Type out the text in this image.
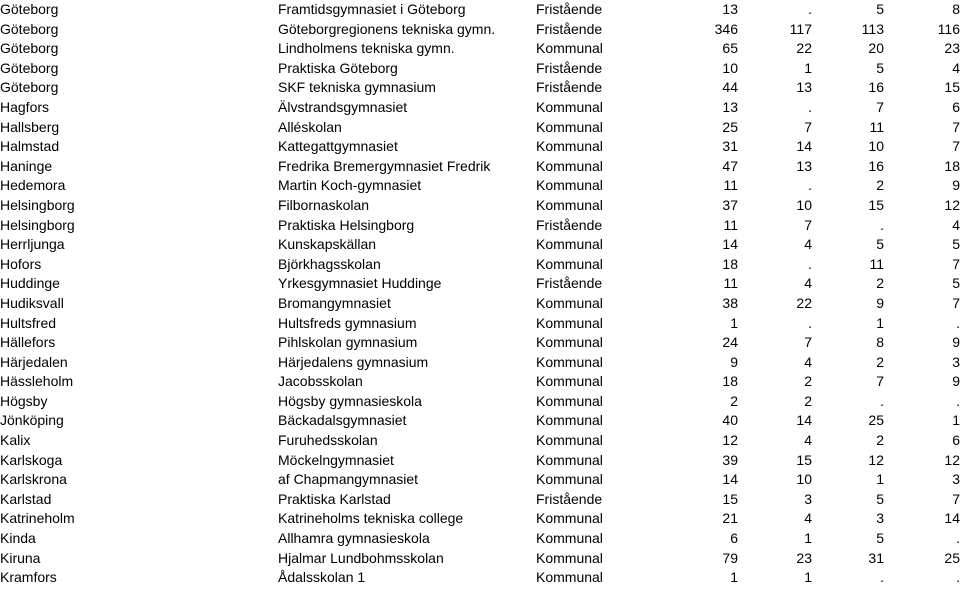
Göteborg	Framtidsgymnasiet i Göteborg	Fristående	13	.	5	8
Göteborg	Göteborgregionens tekniska gymn.	Fristående	346	117	113	116
Göteborg	Lindholmens tekniska gymn.	Kommunal	65	22	20	23
Göteborg	Praktiska Göteborg	Fristående	10	1	5	4
Göteborg	SKF tekniska gymnasium	Fristående	44	13	16	15
Hagfors	Älvstrandsgymnasiet	Kommunal	13	.	7	6
Hallsberg	Alléskolan	Kommunal	25	7	11	7
Halmstad	Kattegattgymnasiet	Kommunal	31	14	10	7
Haninge	Fredrika Bremergymnasiet Fredrik	Kommunal	47	13	16	18
Hedemora	Martin Koch-gymnasiet	Kommunal	11	.	2	9
Helsingborg	Filbornaskolan	Kommunal	37	10	15	12
Helsingborg	Praktiska Helsingborg	Fristående	11	7	.	4
Herrljunga	Kunskapskällan	Kommunal	14	4	5	5
Hofors	Björkhagsskolan	Kommunal	18	.	11	7
Huddinge	Yrkesgymnasiet Huddinge	Fristående	11	4	2	5
Hudiksvall	Bromangymnasiet	Kommunal	38	22	9	7
Hultsfred	Hultsfreds gymnasium	Kommunal	1	.	1	.
Hällefors	Pihlskolan gymnasium	Kommunal	24	7	8	9
Härjedalen	Härjedalens gymnasium	Kommunal	9	4	2	3
Hässleholm	Jacobsskolan	Kommunal	18	2	7	9
Högsby	Högsby gymnasieskola	Kommunal	2	2	.	.
Jönköping	Bäckadalsgymnasiet	Kommunal	40	14	25	1
Kalix	Furuhedsskolan	Kommunal	12	4	2	6
Karlskoga	Möckelngymnasiet	Kommunal	39	15	12	12
Karlskrona	af Chapmangymnasiet	Kommunal	14	10	1	3
Karlstad	Praktiska Karlstad	Fristående	15	3	5	7
Katrineholm	Katrineholms tekniska college	Kommunal	21	4	3	14
Kinda	Allhamra gymnasieskola	Kommunal	6	1	5	.
Kiruna	Hjalmar Lundbohmsskolan	Kommunal	79	23	31	25
Kramfors	Ådalsskolan 1	Kommunal	1	1	.	.
